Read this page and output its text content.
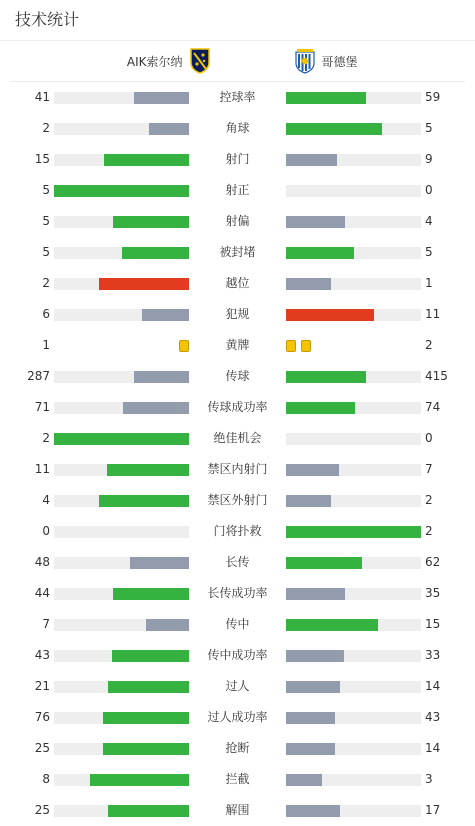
技术统计
AIK索尔纳	哥德堡
41	控球率	59
2	角球	5
15	射门	9
5	射正	0
5	射偏	4
5	被封堵	5
2	越位	1
6	犯规	11
1	黄牌	2
287	传球	415
71	传球成功率	74
2	绝佳机会	0
11	禁区内射门	7
4	禁区外射门	2
0	门将扑救	2
48	长传	62
44	长传成功率	35
7	传中	15
43	传中成功率	33
21	过人	14
76	过人成功率	43
25	抢断	14
8	拦截	3
25	解围	17
